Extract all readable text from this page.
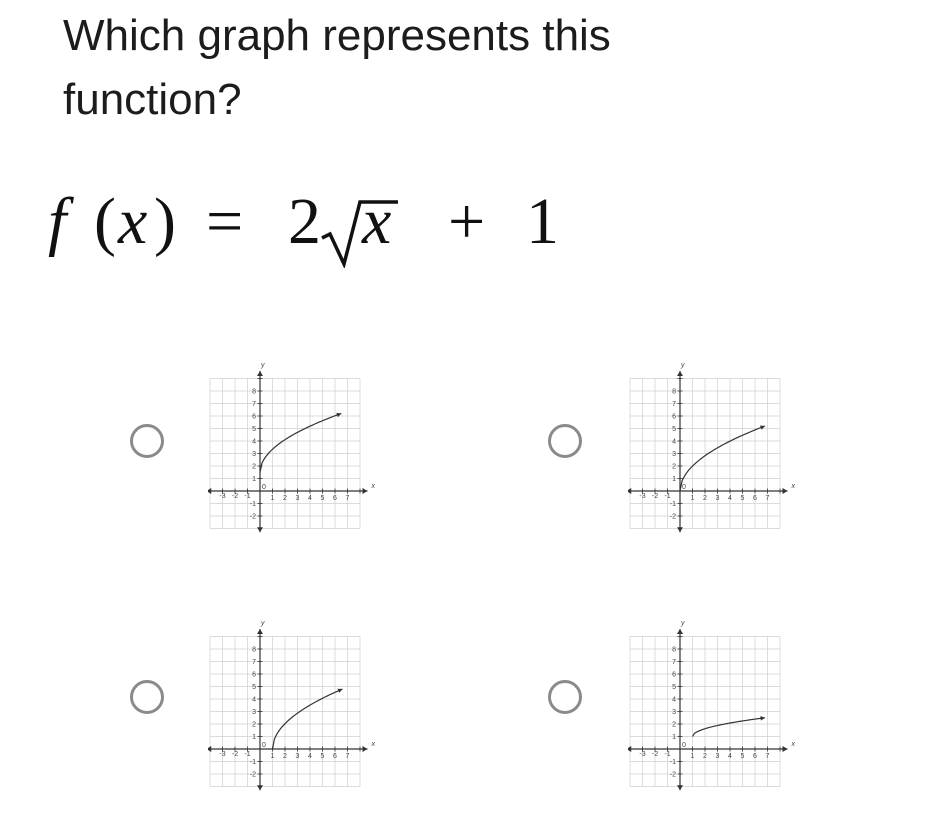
Which graph represents this
function?
f ( x ) = 2 x + 1
-3 -2 -1	1 2 3 4 5 6 7
8
7
6
5
4
3
2
1
-1
-2
0	x
y
-3 -2 -1	1 2 3 4 5 6 7
8
7
6
5
4
3
2
1
-1
-2
0	x
y
-3 -2 -1	1 2 3 4 5 6 7
8
7
6
5
4
3
2
1
-1
-2
0	x
y
-3 -2 -1	1 2 3 4 5 6 7
8
7
6
5
4
3
2
1
-1
-2
0	x
y
